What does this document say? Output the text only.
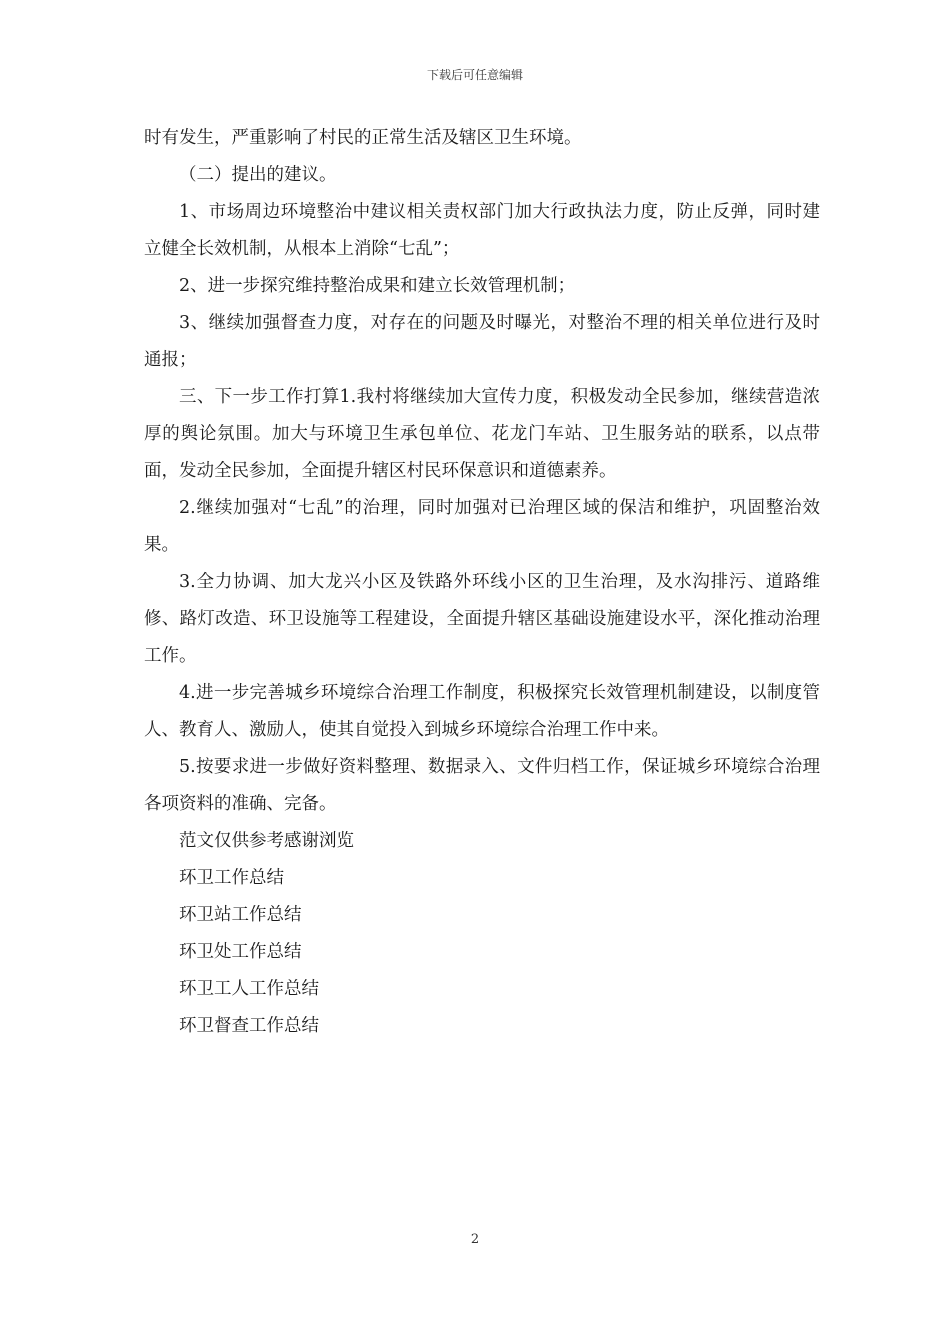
下载后可任意编辑

时有发生，严重影响了村民的正常生活及辖区卫生环境。

（二）提出的建议。

1、市场周边环境整治中建议相关责权部门加大行政执法力度，防止反弹，同时建立健全长效机制，从根本上消除“七乱”；

2、进一步探究维持整治成果和建立长效管理机制；

3、继续加强督查力度，对存在的问题及时曝光，对整治不理的相关单位进行及时通报；

三、下一步工作打算1.我村将继续加大宣传力度，积极发动全民参加，继续营造浓厚的舆论氛围。加大与环境卫生承包单位、花龙门车站、卫生服务站的联系，以点带面，发动全民参加，全面提升辖区村民环保意识和道德素养。

2.继续加强对“七乱”的治理，同时加强对已治理区域的保洁和维护，巩固整治效果。

3.全力协调、加大龙兴小区及铁路外环线小区的卫生治理，及水沟排污、道路维修、路灯改造、环卫设施等工程建设，全面提升辖区基础设施建设水平，深化推动治理工作。

4.进一步完善城乡环境综合治理工作制度，积极探究长效管理机制建设，以制度管人、教育人、激励人，使其自觉投入到城乡环境综合治理工作中来。

5.按要求进一步做好资料整理、数据录入、文件归档工作，保证城乡环境综合治理各项资料的准确、完备。

范文仅供参考感谢浏览

环卫工作总结

环卫站工作总结

环卫处工作总结

环卫工人工作总结

环卫督查工作总结

2
